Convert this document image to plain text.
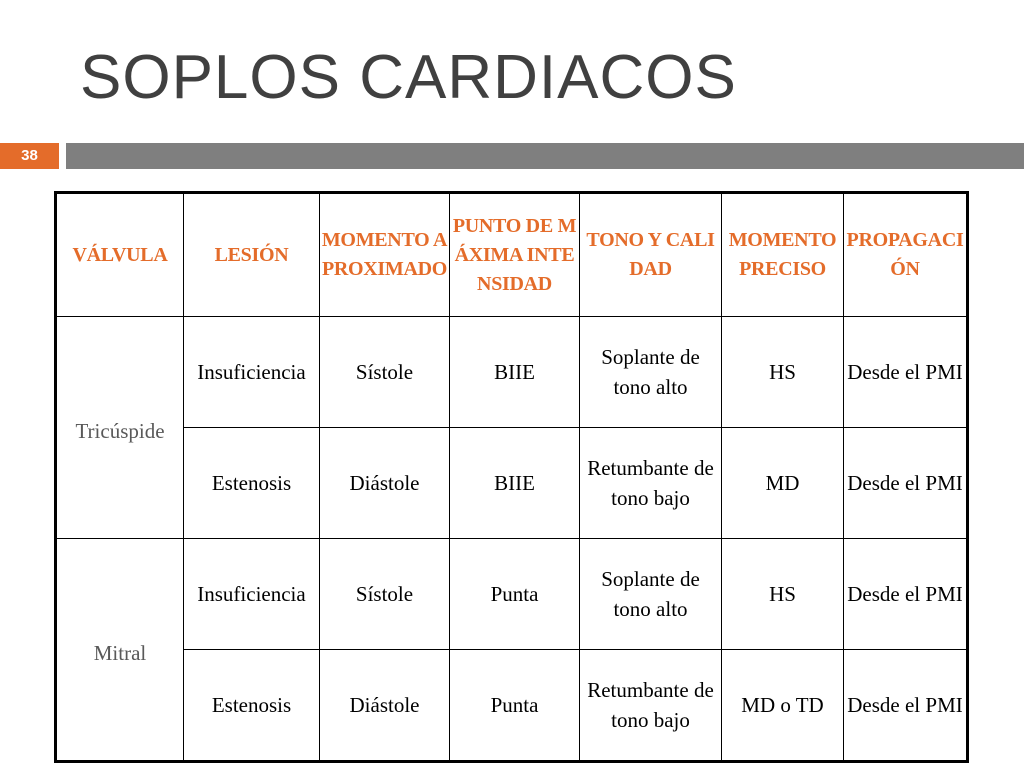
SOPLOS CARDIACOS
38
VÁLVULA	LESIÓN	MOMENTO APROXIMADO	PUNTO DE MÁXIMA INTENSIDAD	TONO Y CALIDAD	MOMENTO PRECISO	PROPAGACIÓN

Tricúspide	Insuficiencia	Sístole	BIIE	Soplante de tono alto	HS	Desde el PMI
	Estenosis	Diástole	BIIE	Retumbante de tono bajo	MD	Desde el PMI
Mitral	Insuficiencia	Sístole	Punta	Soplante de tono alto	HS	Desde el PMI
	Estenosis	Diástole	Punta	Retumbante de tono bajo	MD o TD	Desde el PMI
